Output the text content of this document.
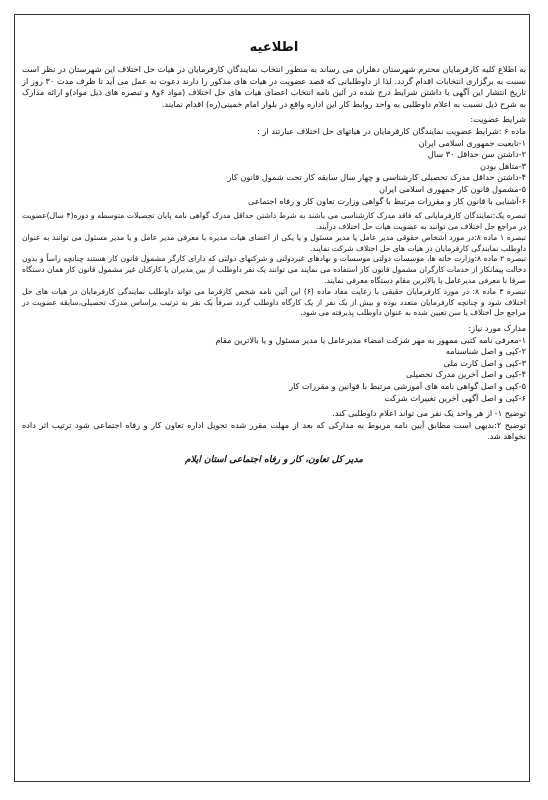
اطلاعیه

به اطلاع کلیه کارفرمایان محترم شهرستان دهلران می رساند به منظور انتخاب نمایندگان کارفرمایان در هیات حل اختلاف این شهرستان در نظر است نسبت به برگزاری انتخابات اقدام گردد. لذا از داوطلبانی که قصد عضویت در هیات های مذکور را دارند دعوت به عمل می آید تا ظرف مدت ۳۰ روز از تاریخ انتشار این آگهی با داشتن شرایط درج شده در آئین نامه انتخاب اعضای هیات های حل اختلاف (مواد ۶و۸ و تبصره های ذیل مواد)و ارائه مدارک به شرح ذیل نسبت به اعلام داوطلبی به واحد روابط کار این اداره واقع در بلوار امام خمینی(ره) اقدام نمایند.

شرایط عضویت:

ماده ۶ :شرایط عضویت نمایندگان کارفرمایان در هیاتهای حل اختلاف عبارتند از :

۱-تابعیت جمهوری اسلامی ایران

۲-داشتن سن حداقل ۳۰ سال

۳-متاهل بودن

۴-داشتن حداقل مدرک تحصیلی کارشناسی و چهار سال سابقه کار تحت شمول قانون کار

۵-مشمول قانون کار جمهوری اسلامی ایران

۶-آشنایی با قانون کار و مقررات مرتبط با گواهی وزارت تعاون کار و رفاه اجتماعی

تبصره یک:نمایندگان کارفرمایانی که فاقد مدرک کارشناسی می باشند به شرط داشتن حداقل مدرک گواهی نامه پایان تحصیلات متوسطه و دوره(۴ سال)عضویت در مراجع حل اختلاف می توانند به عضویت هیات حل اختلاف درآیند.

تبصره ۱ ماده ۸:در مورد اشخاص حقوقی مدیر عامل یا مدیر مسئول و یا یکی از اعضای هیات مدیره با معرفی مدیر عامل و یا مدیر مسئول می توانند به عنوان داوطلب نمایندگی کارفرمایان در هیات های حل اختلاف شرکت نمایند.

تبصره ۲ ماده ۸:وزارت خانه ها، موسسات دولتی موسسات و نهادهای غیردولتی و شرکتهای دولتی که دارای کارگر مشمول قانون کار هستند چنانچه راساً و بدون دخالت پیمانکار از خدمات کارگران مشمول قانون کار استفاده می نمایند می توانند یک نفر داوطلب از بین مدیران یا کارکنان غیر مشمول قانون کار همان دستگاه صرفا با معرفی مدیرعامل یا بالاترین مقام دستگاه معرفی نمایند.

تبصره ۳ ماده ۸: در مورد کارفرمایان حقیقی با رعایت مفاد ماده (۶) این آئین نامه شخص کارفرما می تواند داوطلب نمایندگی کارفرمایان در هیات های حل اختلاف شود و چنانچه کارفرمایان متعدد بوده و بیش از یک نفر از یک کارگاه داوطلب گردد صرفاً یک نفر به ترتیب براساس مدرک تحصیلی،سابقه عضویت در مراجع حل اختلاف یا سن تعیین شده به عنوان داوطلب پذیرفته می شود.

مدارک مورد نیاز:

۱-معرفی نامه کتبی ممهور به مهر شرکت امضاء مدیرعامل یا مدیر مسئول و یا بالاترین مقام

۲-کپی و اصل شناسنامه

۳-کپی و اصل کارت ملی

۴-کپی و اصل آخرین مدرک تحصیلی

۵-کپی و اصل گواهی نامه های آموزشی مرتبط با قوانین و مقررات کار

۶-کپی و اصل آگهی آخرین تغییرات شرکت

توضیح ۱- از هر واحد یک نفر می تواند اعلام داوطلبی کند.

توضیح ۲:بدیهی است مطابق آیین نامه مربوط به مدارکی که بعد از مهلت مقرر شده تحویل اداره تعاون کار و رفاه اجتماعی شود ترتیب اثر داده نخواهد شد.

مدیر کل تعاون، کار و رفاه اجتماعی استان ایلام
